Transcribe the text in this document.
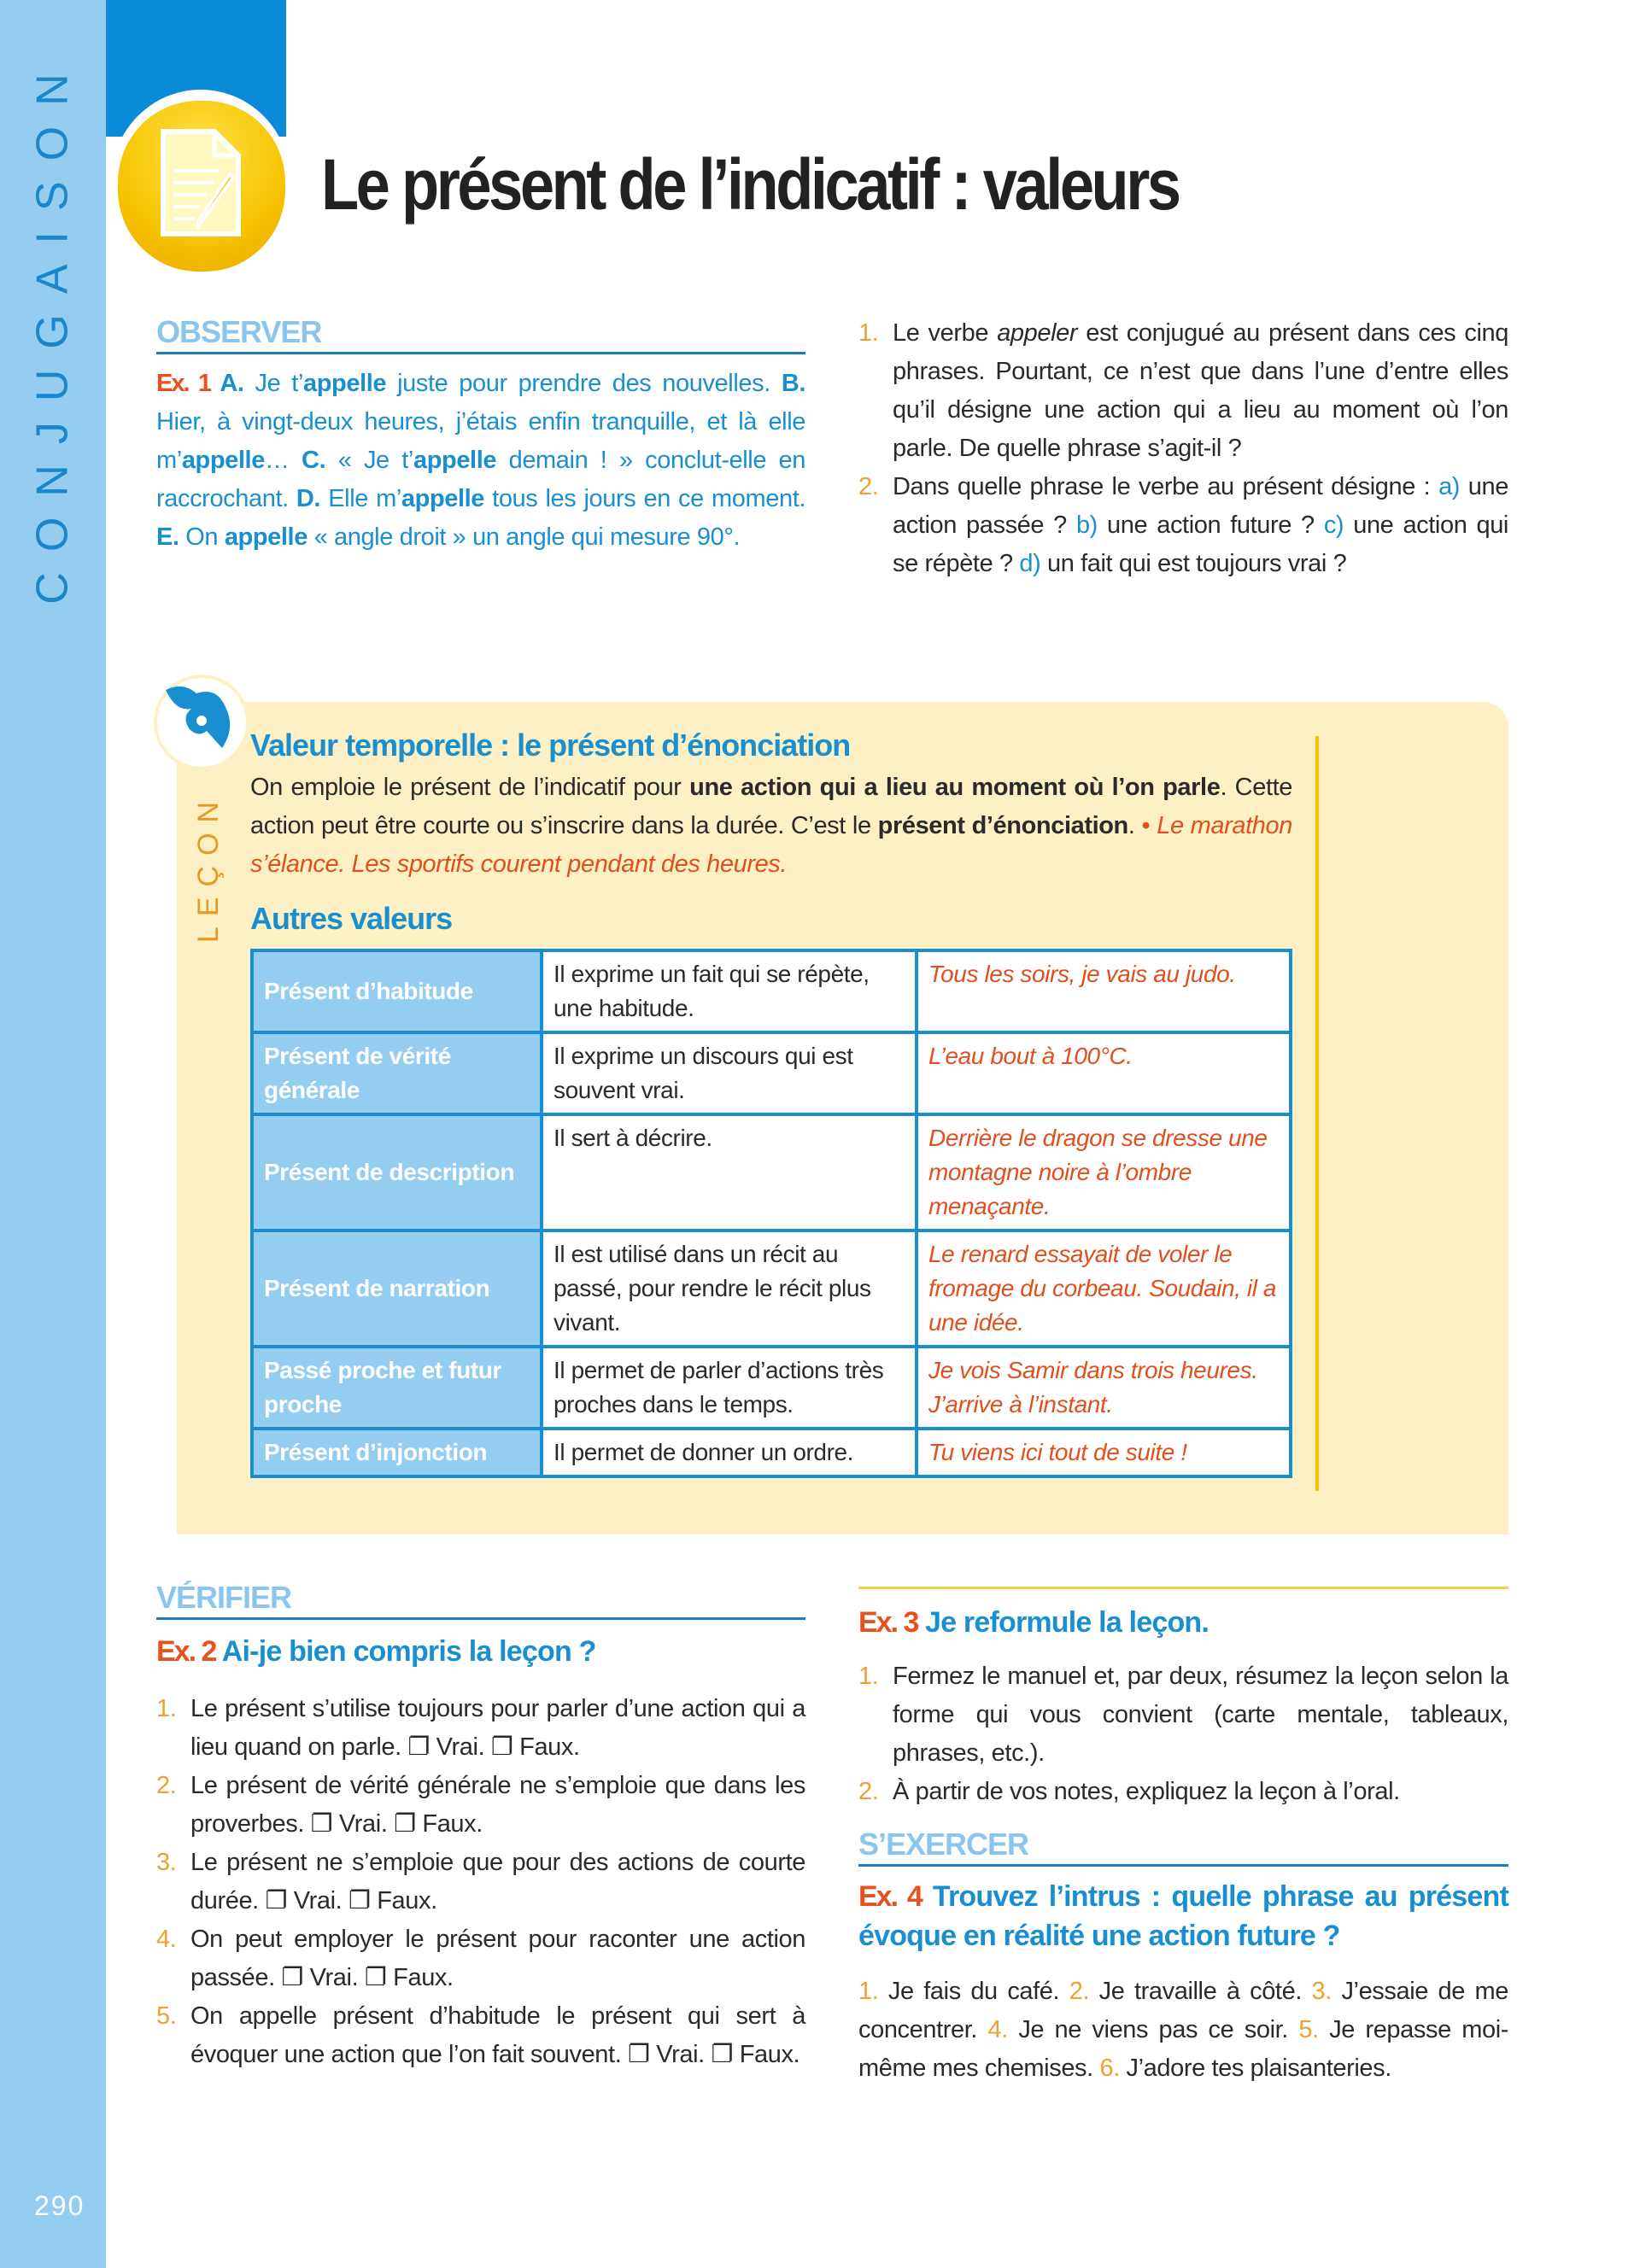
CONJUGAISON
290
Le présent de l’indicatif : valeurs
OBSERVER

Ex. 1 A. Je t’appelle juste pour prendre des nouvelles. B. Hier, à vingt-deux heures, j’étais enfin tranquille, et là elle m’appelle… C. « Je t’appelle demain ! » conclut-elle en raccrochant. D. Elle m’appelle tous les jours en ce moment. E. On appelle « angle droit » un angle qui mesure 90°.

1. Le verbe appeler est conjugué au présent dans ces cinq phrases. Pourtant, ce n’est que dans l’une d’entre elles qu’il désigne une action qui a lieu au moment où l’on parle. De quelle phrase s’agit-il ?
2. Dans quelle phrase le verbe au présent désigne : a) une action passée ? b) une action future ? c) une action qui se répète ? d) un fait qui est toujours vrai ?
LEÇON
Valeur temporelle : le présent d’énonciation

On emploie le présent de l’indicatif pour une action qui a lieu au moment où l’on parle. Cette action peut être courte ou s’inscrire dans la durée. C’est le présent d’énonciation. • Le marathon s’élance. Les sportifs courent pendant des heures.

Autres valeurs
Présent d’habitude	Il exprime un fait qui se répète, une habitude.	Tous les soirs, je vais au judo.
Présent de vérité générale	Il exprime un discours qui est souvent vrai.	L’eau bout à 100°C.
Présent de description	Il sert à décrire.	Derrière le dragon se dresse une montagne noire à l’ombre menaçante.
Présent de narration	Il est utilisé dans un récit au passé, pour rendre le récit plus vivant.	Le renard essayait de voler le fromage du corbeau. Soudain, il a une idée.
Passé proche et futur proche	Il permet de parler d’actions très proches dans le temps.	Je vois Samir dans trois heures. J’arrive à l’instant.
Présent d’injonction	Il permet de donner un ordre.	Tu viens ici tout de suite !
VÉRIFIER
Ex. 2 Ai-je bien compris la leçon ?
1. Le présent s’utilise toujours pour parler d’une action qui a lieu quand on parle. ❐ Vrai. ❐ Faux.
2. Le présent de vérité générale ne s’emploie que dans les proverbes. ❐ Vrai. ❐ Faux.
3. Le présent ne s’emploie que pour des actions de courte durée. ❐ Vrai. ❐ Faux.
4. On peut employer le présent pour raconter une action passée. ❐ Vrai. ❐ Faux.
5. On appelle présent d’habitude le présent qui sert à évoquer une action que l’on fait souvent. ❐ Vrai. ❐ Faux.
Ex. 3 Je reformule la leçon.
1. Fermez le manuel et, par deux, résumez la leçon selon la forme qui vous convient (carte mentale, tableaux, phrases, etc.).
2. À partir de vos notes, expliquez la leçon à l’oral.
S’EXERCER
Ex. 4 Trouvez l’intrus : quelle phrase au présent évoque en réalité une action future ?

1. Je fais du café. 2. Je travaille à côté. 3. J’essaie de me concentrer. 4. Je ne viens pas ce soir. 5. Je repasse moi-même mes chemises. 6. J’adore tes plaisanteries.
